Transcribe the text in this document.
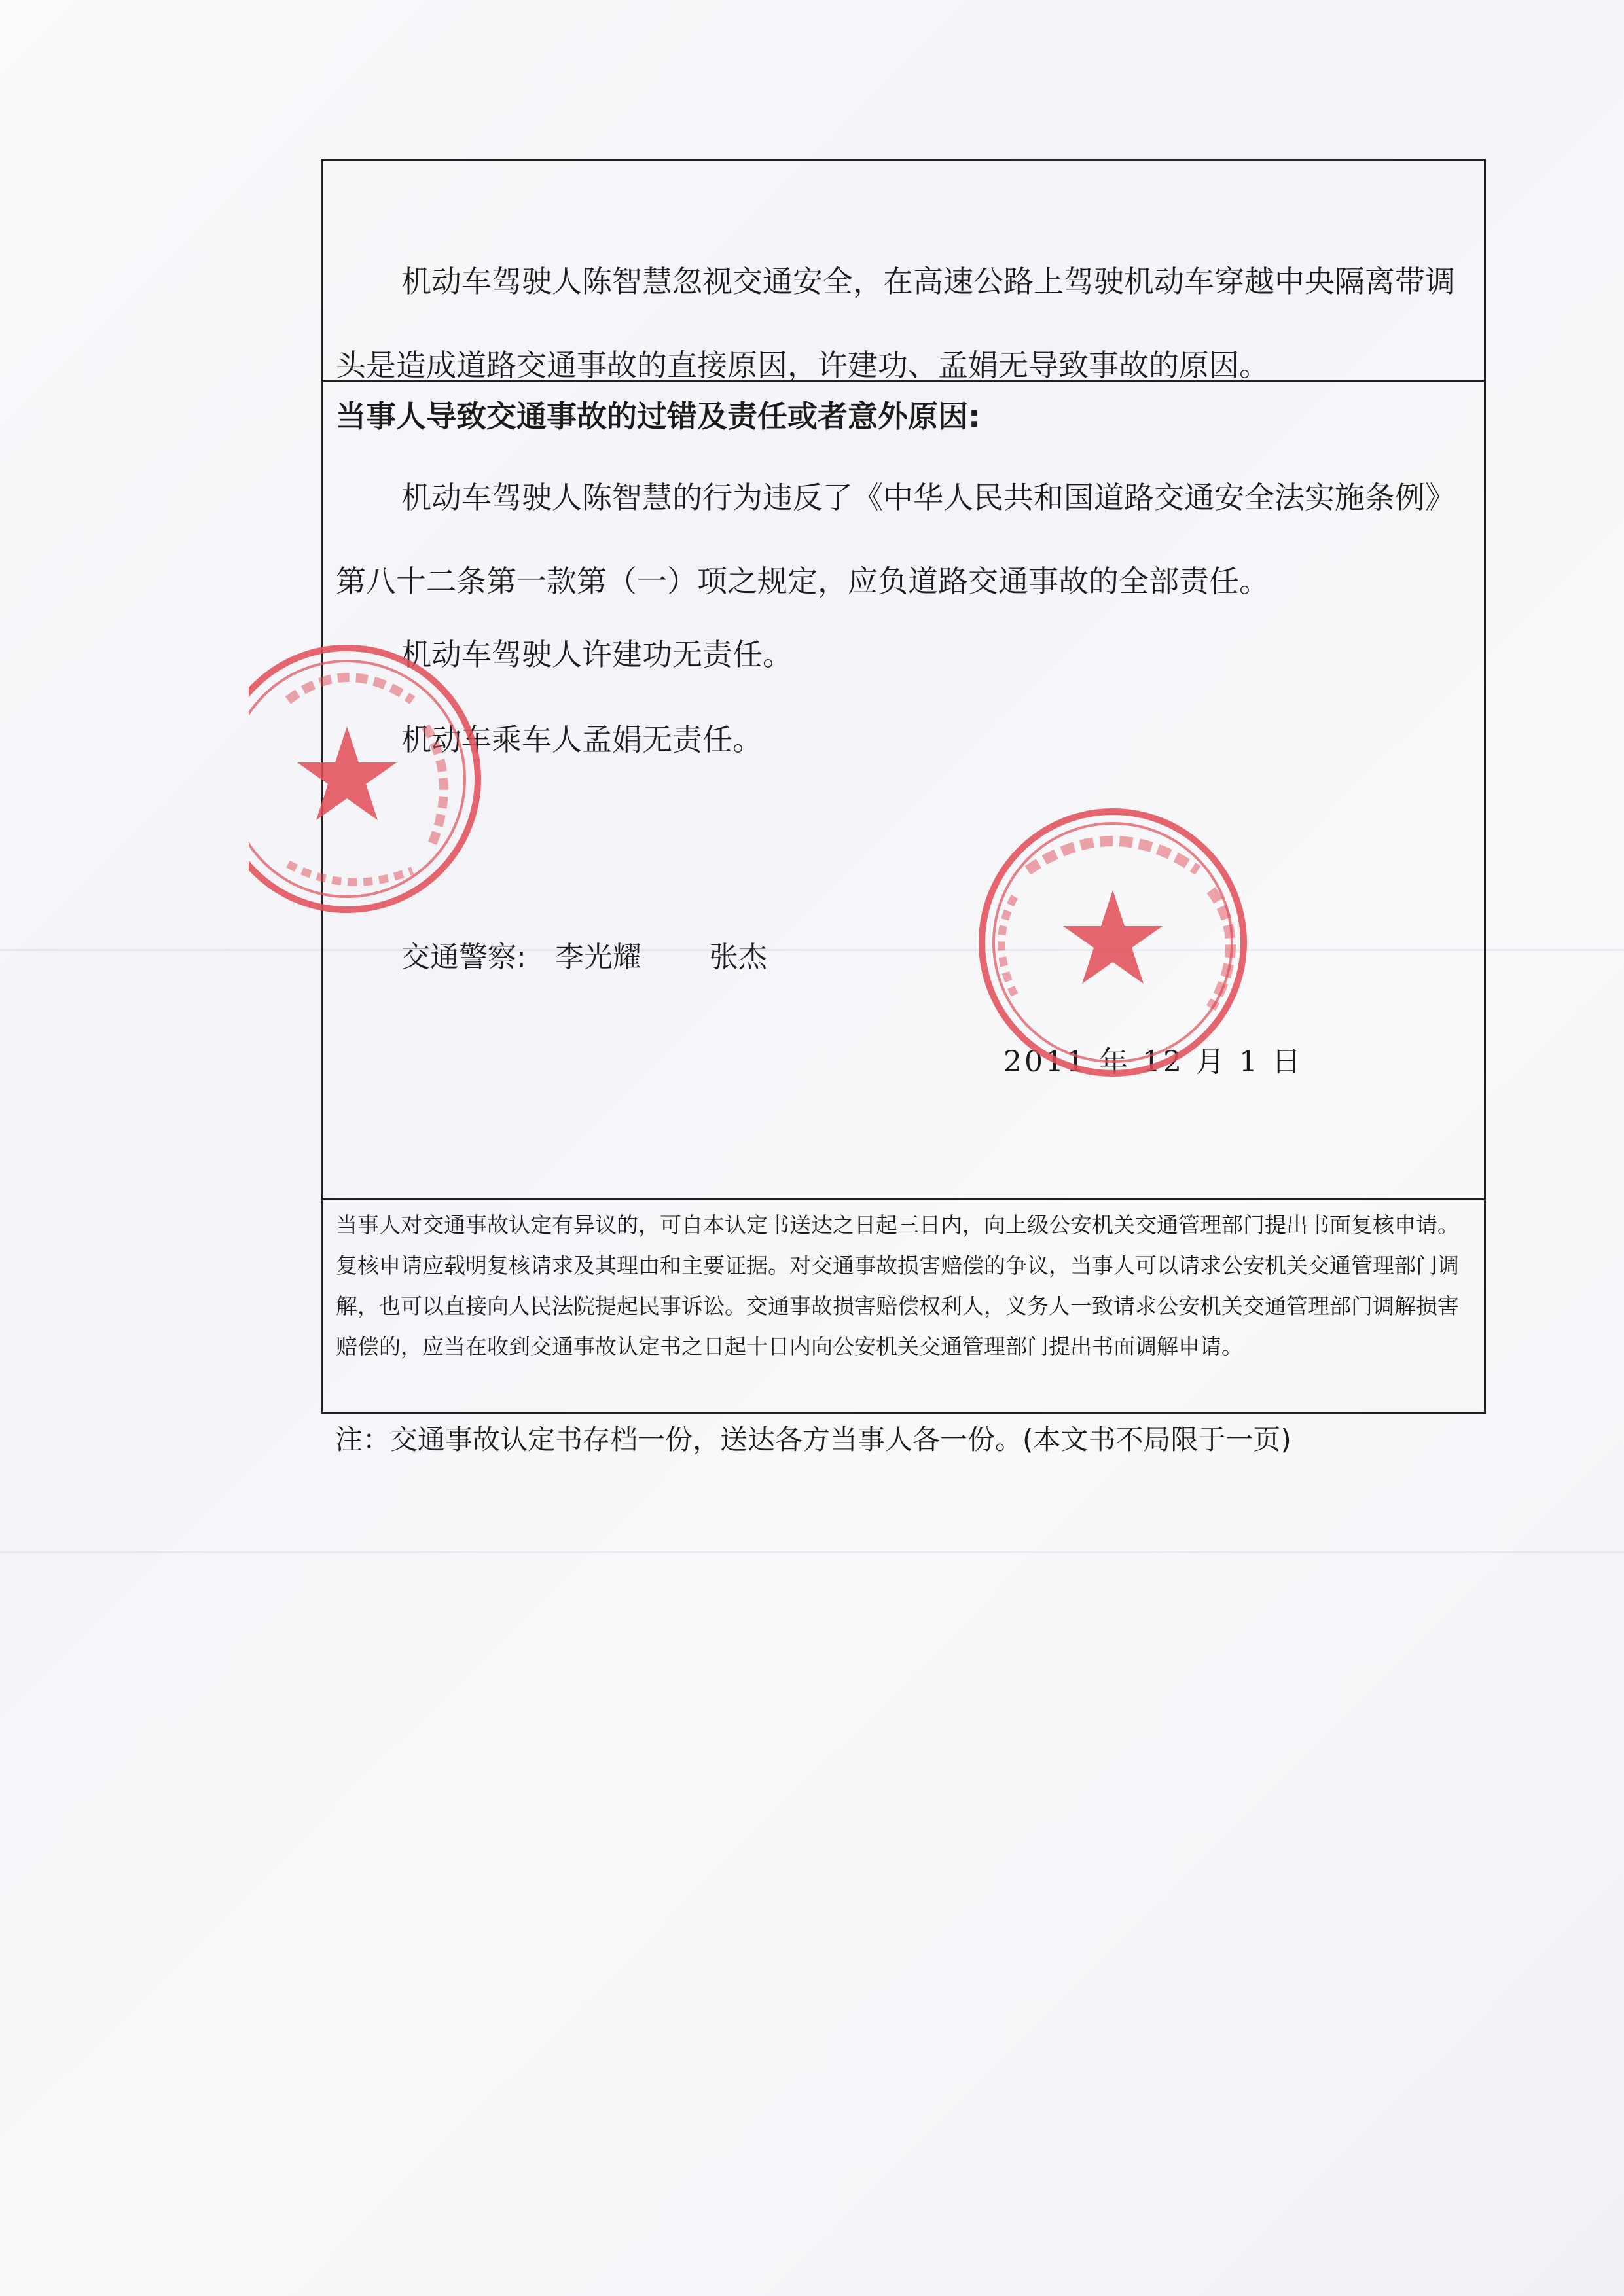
机动车驾驶人陈智慧忽视交通安全，在高速公路上驾驶机动车穿越中央隔离带调头是造成道路交通事故的直接原因，许建功、孟娟无导致事故的原因。
当事人导致交通事故的过错及责任或者意外原因:
机动车驾驶人陈智慧的行为违反了《中华人民共和国道路交通安全法实施条例》第八十二条第一款第（一）项之规定，应负道路交通事故的全部责任。
机动车驾驶人许建功无责任。
机动车乘车人孟娟无责任。
交通警察: 李光耀 张杰
2011 年 12 月 1 日
当事人对交通事故认定有异议的，可自本认定书送达之日起三日内，向上级公安机关交通管理部门提出书面复核申请。复核申请应载明复核请求及其理由和主要证据。对交通事故损害赔偿的争议，当事人可以请求公安机关交通管理部门调解，也可以直接向人民法院提起民事诉讼。交通事故损害赔偿权利人，义务人一致请求公安机关交通管理部门调解损害赔偿的，应当在收到交通事故认定书之日起十日内向公安机关交通管理部门提出书面调解申请。
注：交通事故认定书存档一份，送达各方当事人各一份。(本文书不局限于一页)
